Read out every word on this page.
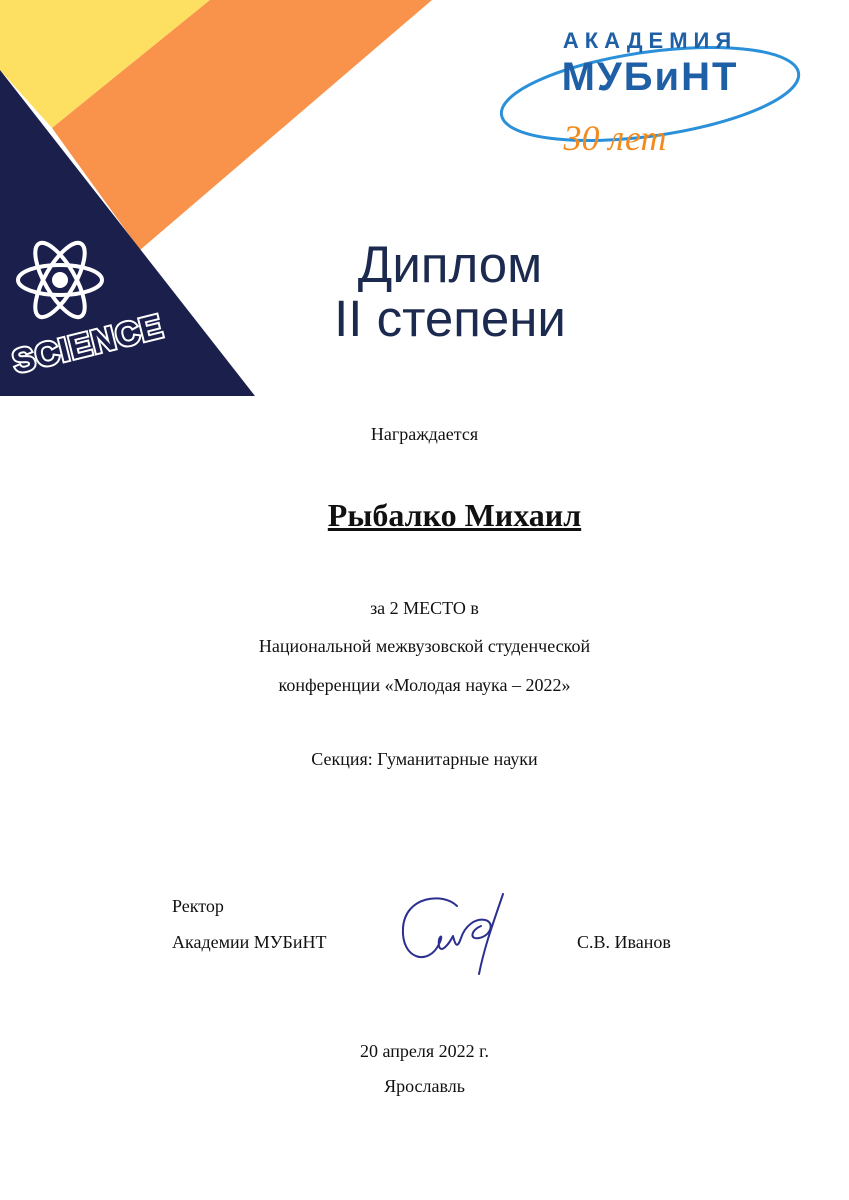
SCIENCE
АКАДЕМИЯ
МУБиНТ
30 лет
Диплом
II степени
Награждается
Рыбалко Михаил
за 2 МЕСТО в
Национальной межвузовской студенческой
конференции «Молодая наука – 2022»
Секция: Гуманитарные науки
Ректор
Академии МУБиНТ	С.В. Иванов
20 апреля 2022 г.
Ярославль
